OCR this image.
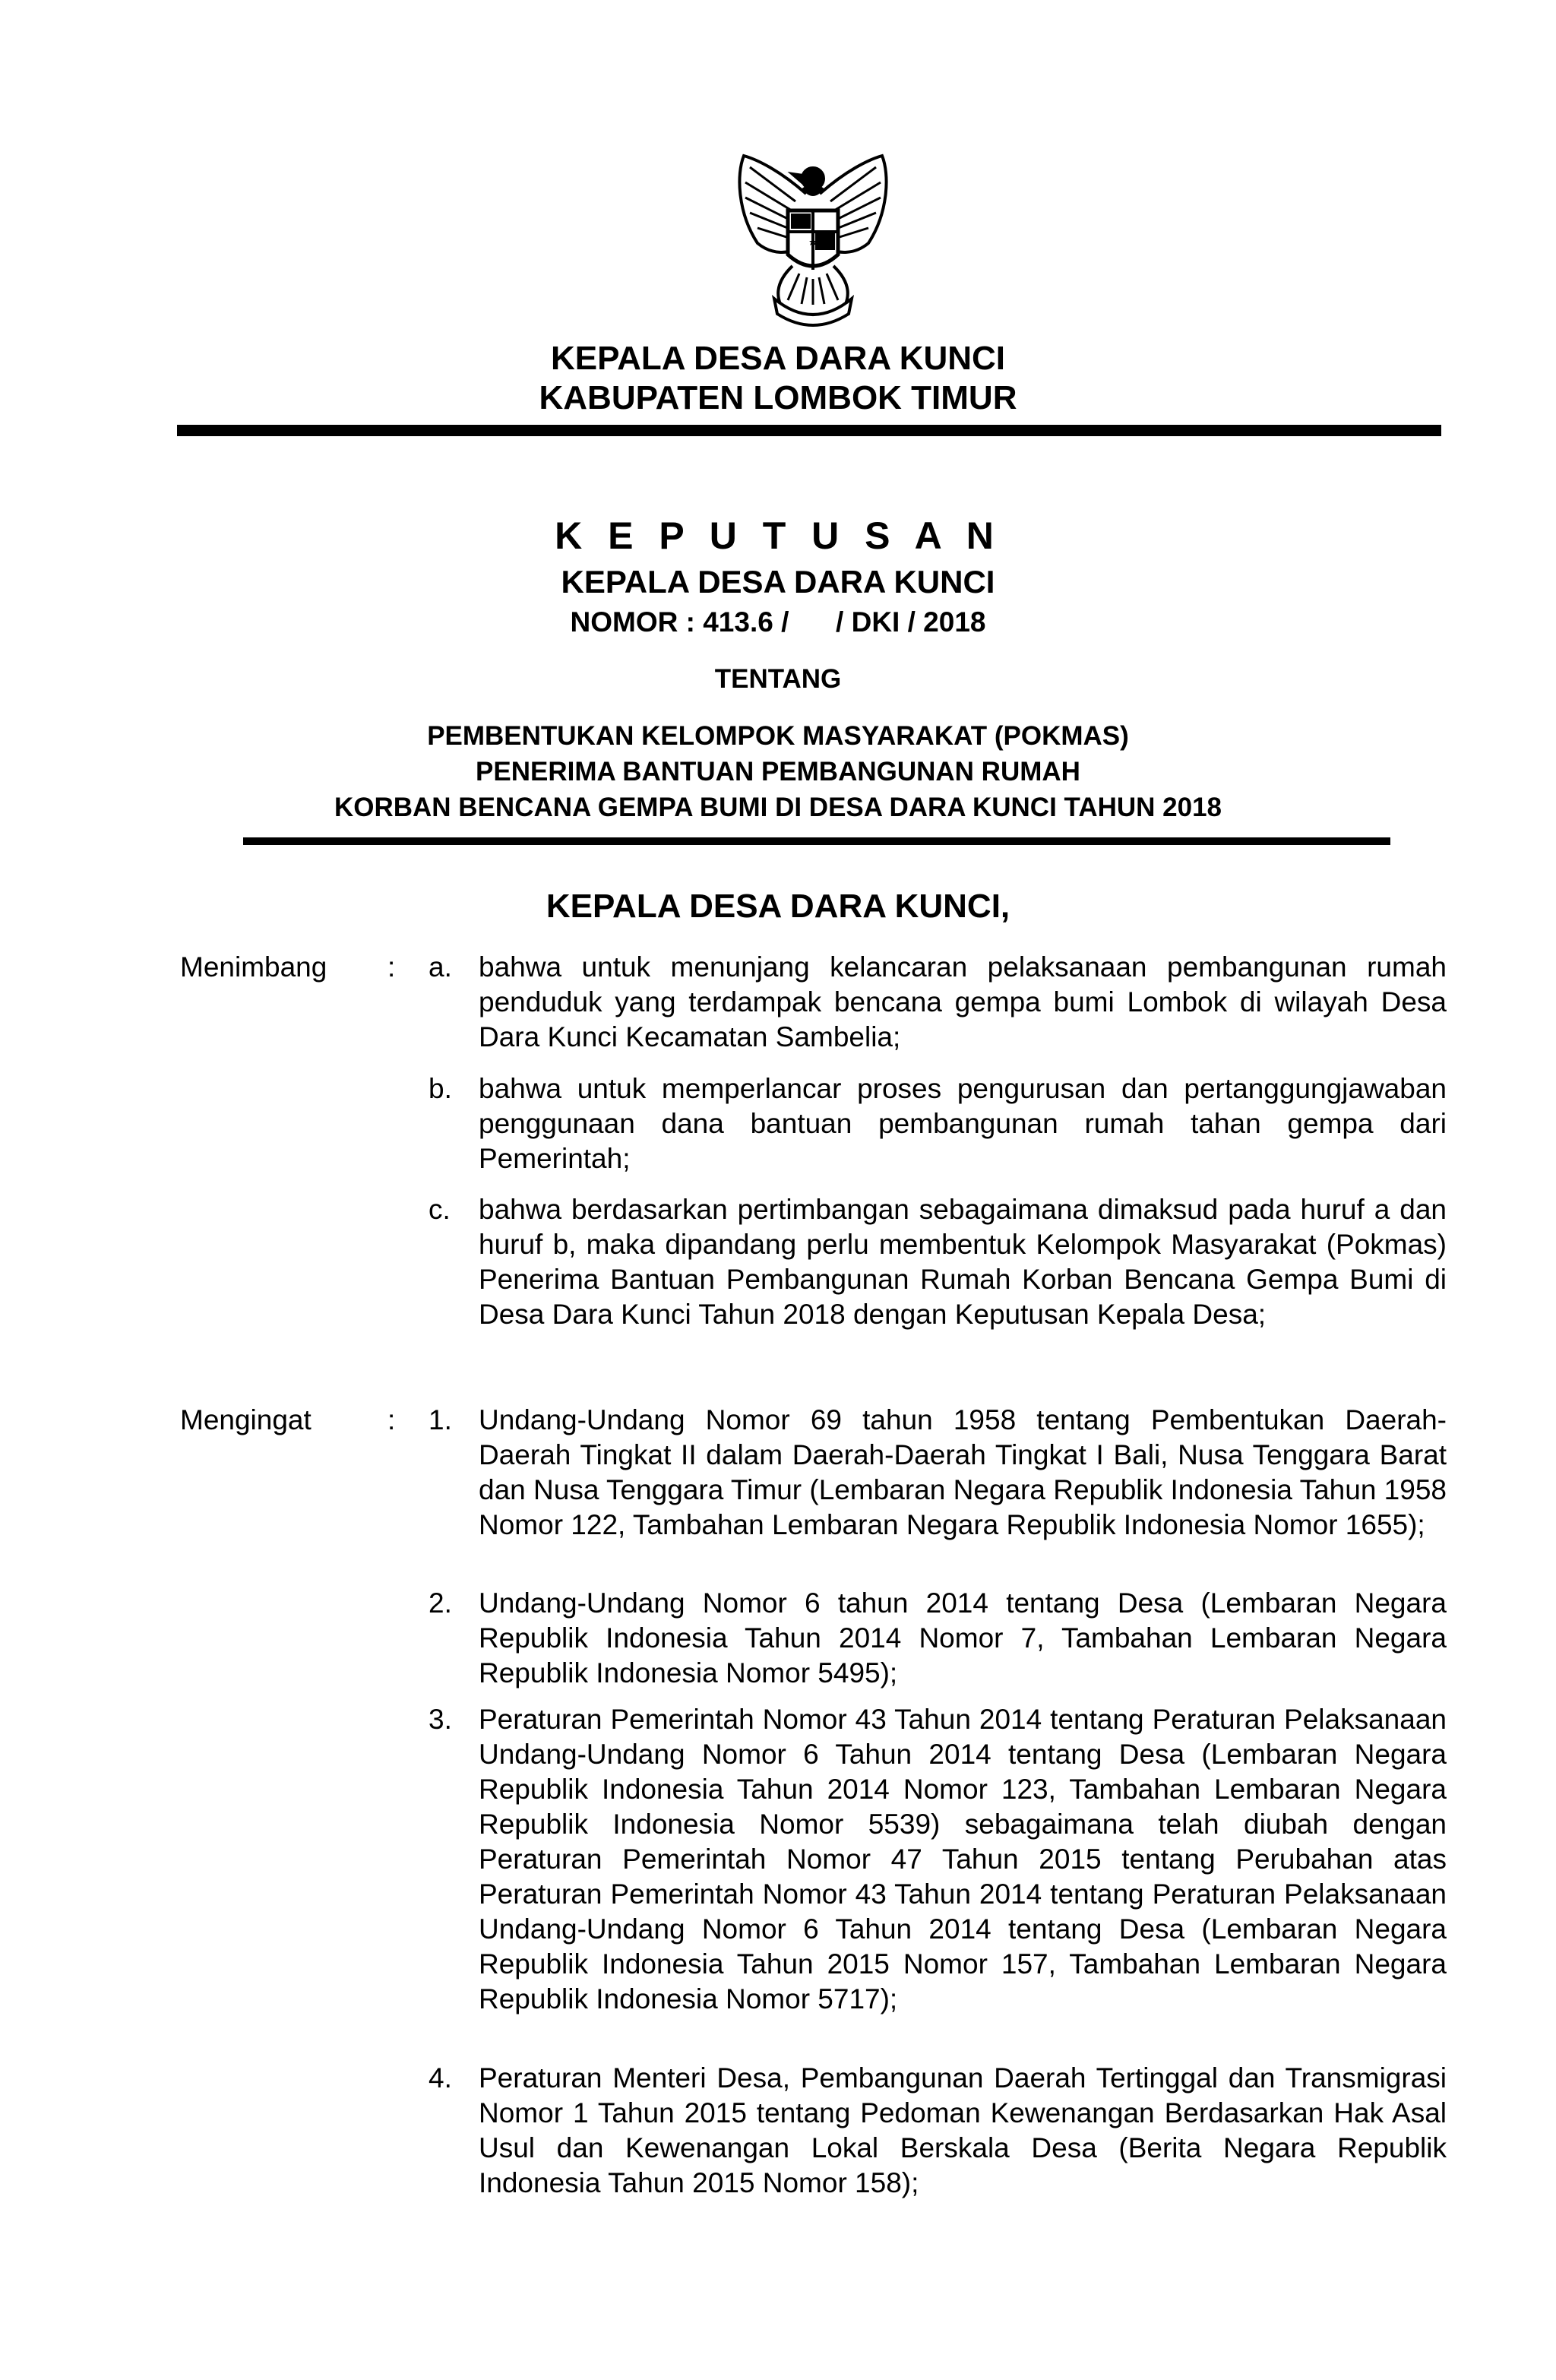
KEPALA DESA DARA KUNCI
KABUPATEN LOMBOK TIMUR
K E P U T U S A N
KEPALA DESA DARA KUNCI
NOMOR : 413.6 /      / DKI / 2018
TENTANG
PEMBENTUKAN KELOMPOK MASYARAKAT (POKMAS)
PENERIMA BANTUAN PEMBANGUNAN RUMAH
KORBAN BENCANA GEMPA BUMI DI DESA DARA KUNCI TAHUN 2018
KEPALA DESA DARA KUNCI,
Menimbang : a. bahwa untuk menunjang kelancaran pelaksanaan pembangunan rumah penduduk yang terdampak bencana gempa bumi Lombok di wilayah Desa Dara Kunci Kecamatan Sambelia;
b. bahwa untuk memperlancar proses pengurusan dan pertanggungjawaban penggunaan dana bantuan pembangunan rumah tahan gempa dari Pemerintah;
c. bahwa berdasarkan pertimbangan sebagaimana dimaksud pada huruf a dan huruf b, maka dipandang perlu membentuk Kelompok Masyarakat (Pokmas) Penerima Bantuan Pembangunan Rumah Korban Bencana Gempa Bumi di Desa Dara Kunci Tahun 2018 dengan Keputusan Kepala Desa;
Mengingat	: 1. Undang-Undang Nomor 69 tahun 1958 tentang Pembentukan Daerah-Daerah Tingkat II dalam Daerah-Daerah Tingkat I Bali, Nusa Tenggara Barat dan Nusa Tenggara Timur (Lembaran Negara Republik Indonesia Tahun 1958 Nomor 122, Tambahan Lembaran Negara Republik Indonesia Nomor 1655);
2. Undang-Undang Nomor 6 tahun 2014 tentang Desa (Lembaran Negara Republik Indonesia Tahun 2014 Nomor 7, Tambahan Lembaran Negara Republik Indonesia Nomor 5495);
3. Peraturan Pemerintah Nomor 43 Tahun 2014 tentang Peraturan Pelaksanaan Undang-Undang Nomor 6 Tahun 2014 tentang Desa (Lembaran Negara Republik Indonesia Tahun 2014 Nomor 123, Tambahan Lembaran Negara Republik Indonesia Nomor 5539) sebagaimana telah diubah dengan Peraturan Pemerintah Nomor 47 Tahun 2015 tentang Perubahan atas Peraturan Pemerintah Nomor 43 Tahun 2014 tentang Peraturan Pelaksanaan Undang-Undang Nomor 6 Tahun 2014 tentang Desa (Lembaran Negara Republik Indonesia Tahun 2015 Nomor 157, Tambahan Lembaran Negara Republik Indonesia Nomor 5717);
4. Peraturan Menteri Desa, Pembangunan Daerah Tertinggal dan Transmigrasi Nomor 1 Tahun 2015 tentang Pedoman Kewenangan Berdasarkan Hak Asal Usul dan Kewenangan Lokal Berskala Desa (Berita Negara Republik Indonesia Tahun 2015 Nomor 158);
